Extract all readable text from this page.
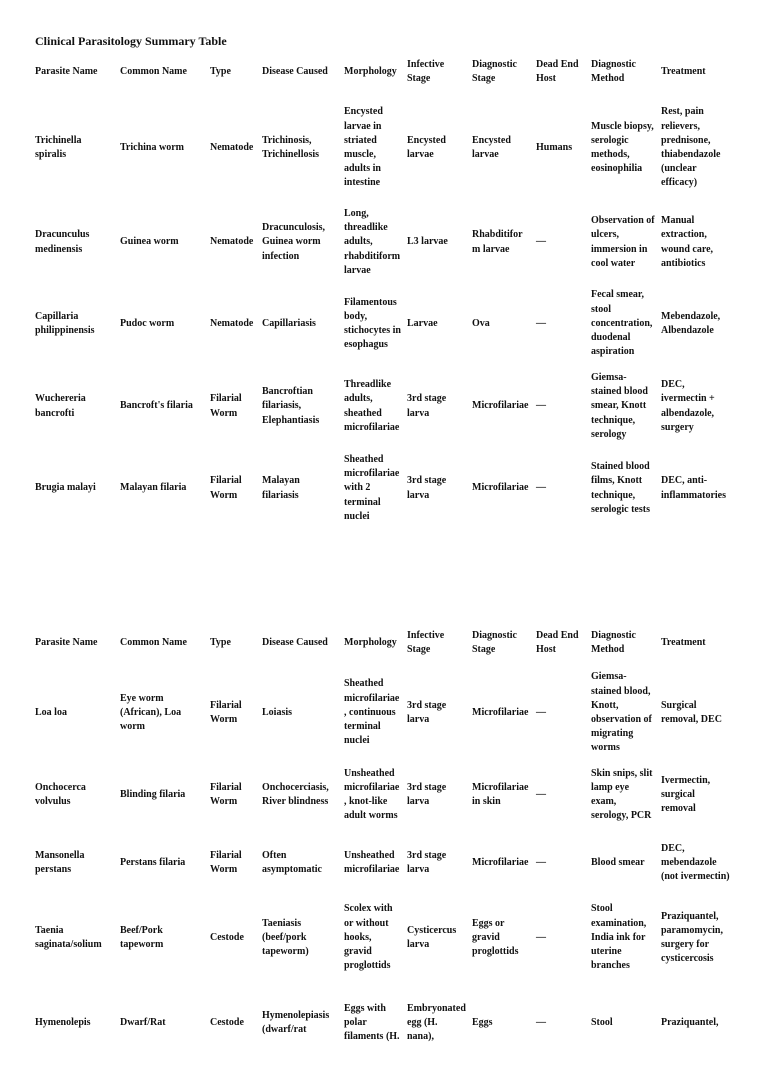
Clinical Parasitology Summary Table

Parasite Name	Common Name	Type	Disease Caused	Morphology	Infective Stage	Diagnostic Stage	Dead End Host	Diagnostic Method	Treatment
Trichinella spiralis	Trichina worm	Nematode	Trichinosis, Trichinellosis	Encysted larvae in striated muscle, adults in intestine	Encysted larvae	Encysted larvae	Humans	Muscle biopsy, serologic methods, eosinophilia	Rest, pain relievers, prednisone, thiabendazole (unclear efficacy)
Dracunculus medinensis	Guinea worm	Nematode	Dracunculosis, Guinea worm infection	Long, threadlike adults, rhabditiform larvae	L3 larvae	Rhabditifor m larvae	—	Observation of ulcers, immersion in cool water	Manual extraction, wound care, antibiotics
Capillaria philippinensis	Pudoc worm	Nematode	Capillariasis	Filamentous body, stichocytes in esophagus	Larvae	Ova	—	Fecal smear, stool concentration, duodenal aspiration	Mebendazole, Albendazole
Wuchereria bancrofti	Bancroft's filaria	Filarial Worm	Bancroftian filariasis, Elephantiasis	Threadlike adults, sheathed microfilariae	3rd stage larva	Microfilariae	—	Giemsa-stained blood smear, Knott technique, serology	DEC, ivermectin + albendazole, surgery
Brugia malayi	Malayan filaria	Filarial Worm	Malayan filariasis	Sheathed microfilariae with 2 terminal nuclei	3rd stage larva	Microfilariae	—	Stained blood films, Knott technique, serologic tests	DEC, anti-inflammatories
Parasite Name	Common Name	Type	Disease Caused	Morphology	Infective Stage	Diagnostic Stage	Dead End Host	Diagnostic Method	Treatment
Loa loa	Eye worm (African), Loa worm	Filarial Worm	Loiasis	Sheathed microfilariae, continuous terminal nuclei	3rd stage larva	Microfilariae	—	Giemsa-stained blood, Knott, observation of migrating worms	Surgical removal, DEC
Onchocerca volvulus	Blinding filaria	Filarial Worm	Onchocerciasis, River blindness	Unsheathed microfilariae, knot-like adult worms	3rd stage larva	Microfilariae in skin	—	Skin snips, slit lamp eye exam, serology, PCR	Ivermectin, surgical removal
Mansonella perstans	Perstans filaria	Filarial Worm	Often asymptomatic	Unsheathed microfilariae	3rd stage larva	Microfilariae	—	Blood smear	DEC, mebendazole (not ivermectin)
Taenia saginata/solium	Beef/Pork tapeworm	Cestode	Taeniasis (beef/pork tapeworm)	Scolex with or without hooks, gravid proglottids	Cysticercus larva	Eggs or gravid proglottids	—	Stool examination, India ink for uterine branches	Praziquantel, paramomycin, surgery for cysticercosis
Hymenolepis	Dwarf/Rat	Cestode	Hymenolepiasis (dwarf/rat	Eggs with polar filaments (H.	Embryonated egg (H. nana),	Eggs	—	Stool	Praziquantel,
